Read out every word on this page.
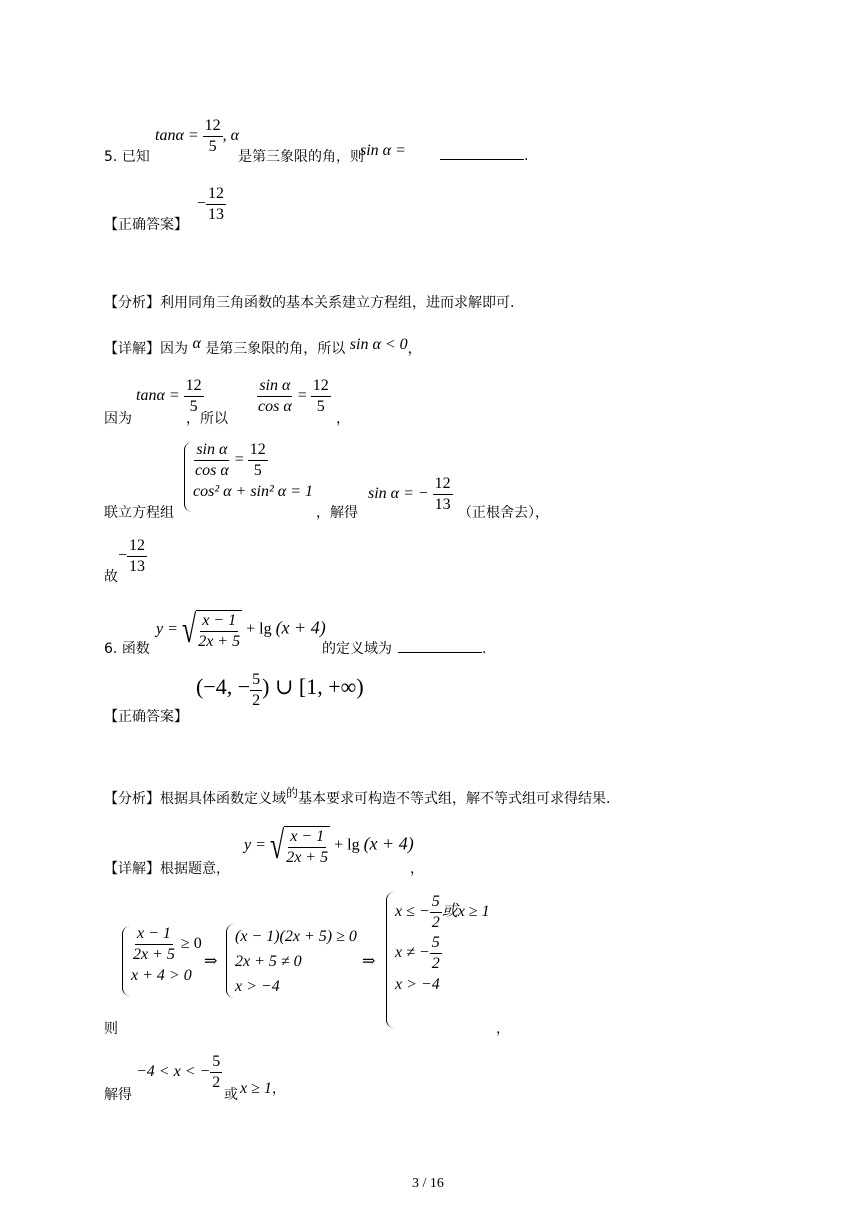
$\tan\alpha = \frac{12}{5}$ , α
5. 已知	是第三象限的角，则
sin α =	.
− $\frac{12}{13}$
【正确答案】
【分析】利用同角三角函数的基本关系建立方程组，进而求解即可.
【详解】因为 α 是第三象限的角，所以 sin α < 0，
$\tan\alpha = \frac{12}{5}$	$\frac{\text{sin α}}{\text{cos α}} = \frac{12}{5}$
因为	，所以	，
$\frac{\text{sin α}}{\text{cos α}} = \frac{12}{5}$
cos² α + sin² α = 1
联立方程组	，解得
sin α = − $\frac{12}{13}$ （正根舍去），
− $\frac{12}{13}$
故
y = √ $\frac{x - 1}{2x + 5} + \lg (x + 4)$
6. 函数	的定义域为	.
(−4, − $\frac{5}{2}$ ) ∪ [1, +∞)
【正确答案】
【分析】根据具体函数定义域的基本要求可构造不等式组，解不等式组可求得结果.
y = √ $\frac{x - 1}{2x + 5} + \lg (x + 4)$
【详解】根据题意，	，
$\frac{x - 1}{2x + 5} \ge 0$
x + 4 > 0
⇒
(x − 1)(2x + 5) ≥ 0
2x + 5 ≠ 0
x > −4
⇒
x ≤ − $\frac{5}{2}$ 或x ≥ 1
x ≠ − $\frac{5}{2}$
x > −4
则	，
−4 < x < − $\frac{5}{2}$
解得	或 x ≥ 1，
3 / 16
